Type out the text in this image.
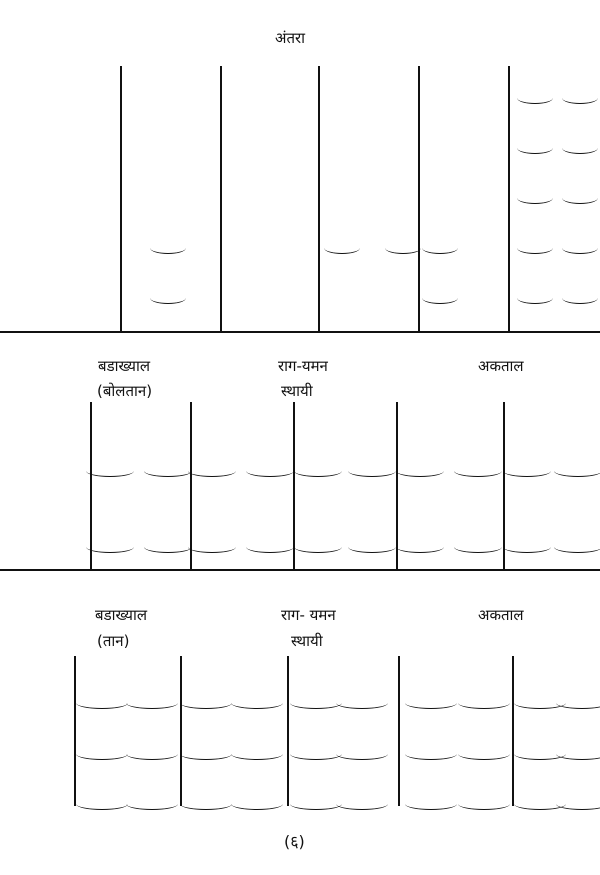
अंतरा
बडाख्याल
(बोलतान)
राग-यमन
स्थायी
अकताल
बडाख्याल
(तान)
राग- यमन
स्थायी
अकताल
(६)
